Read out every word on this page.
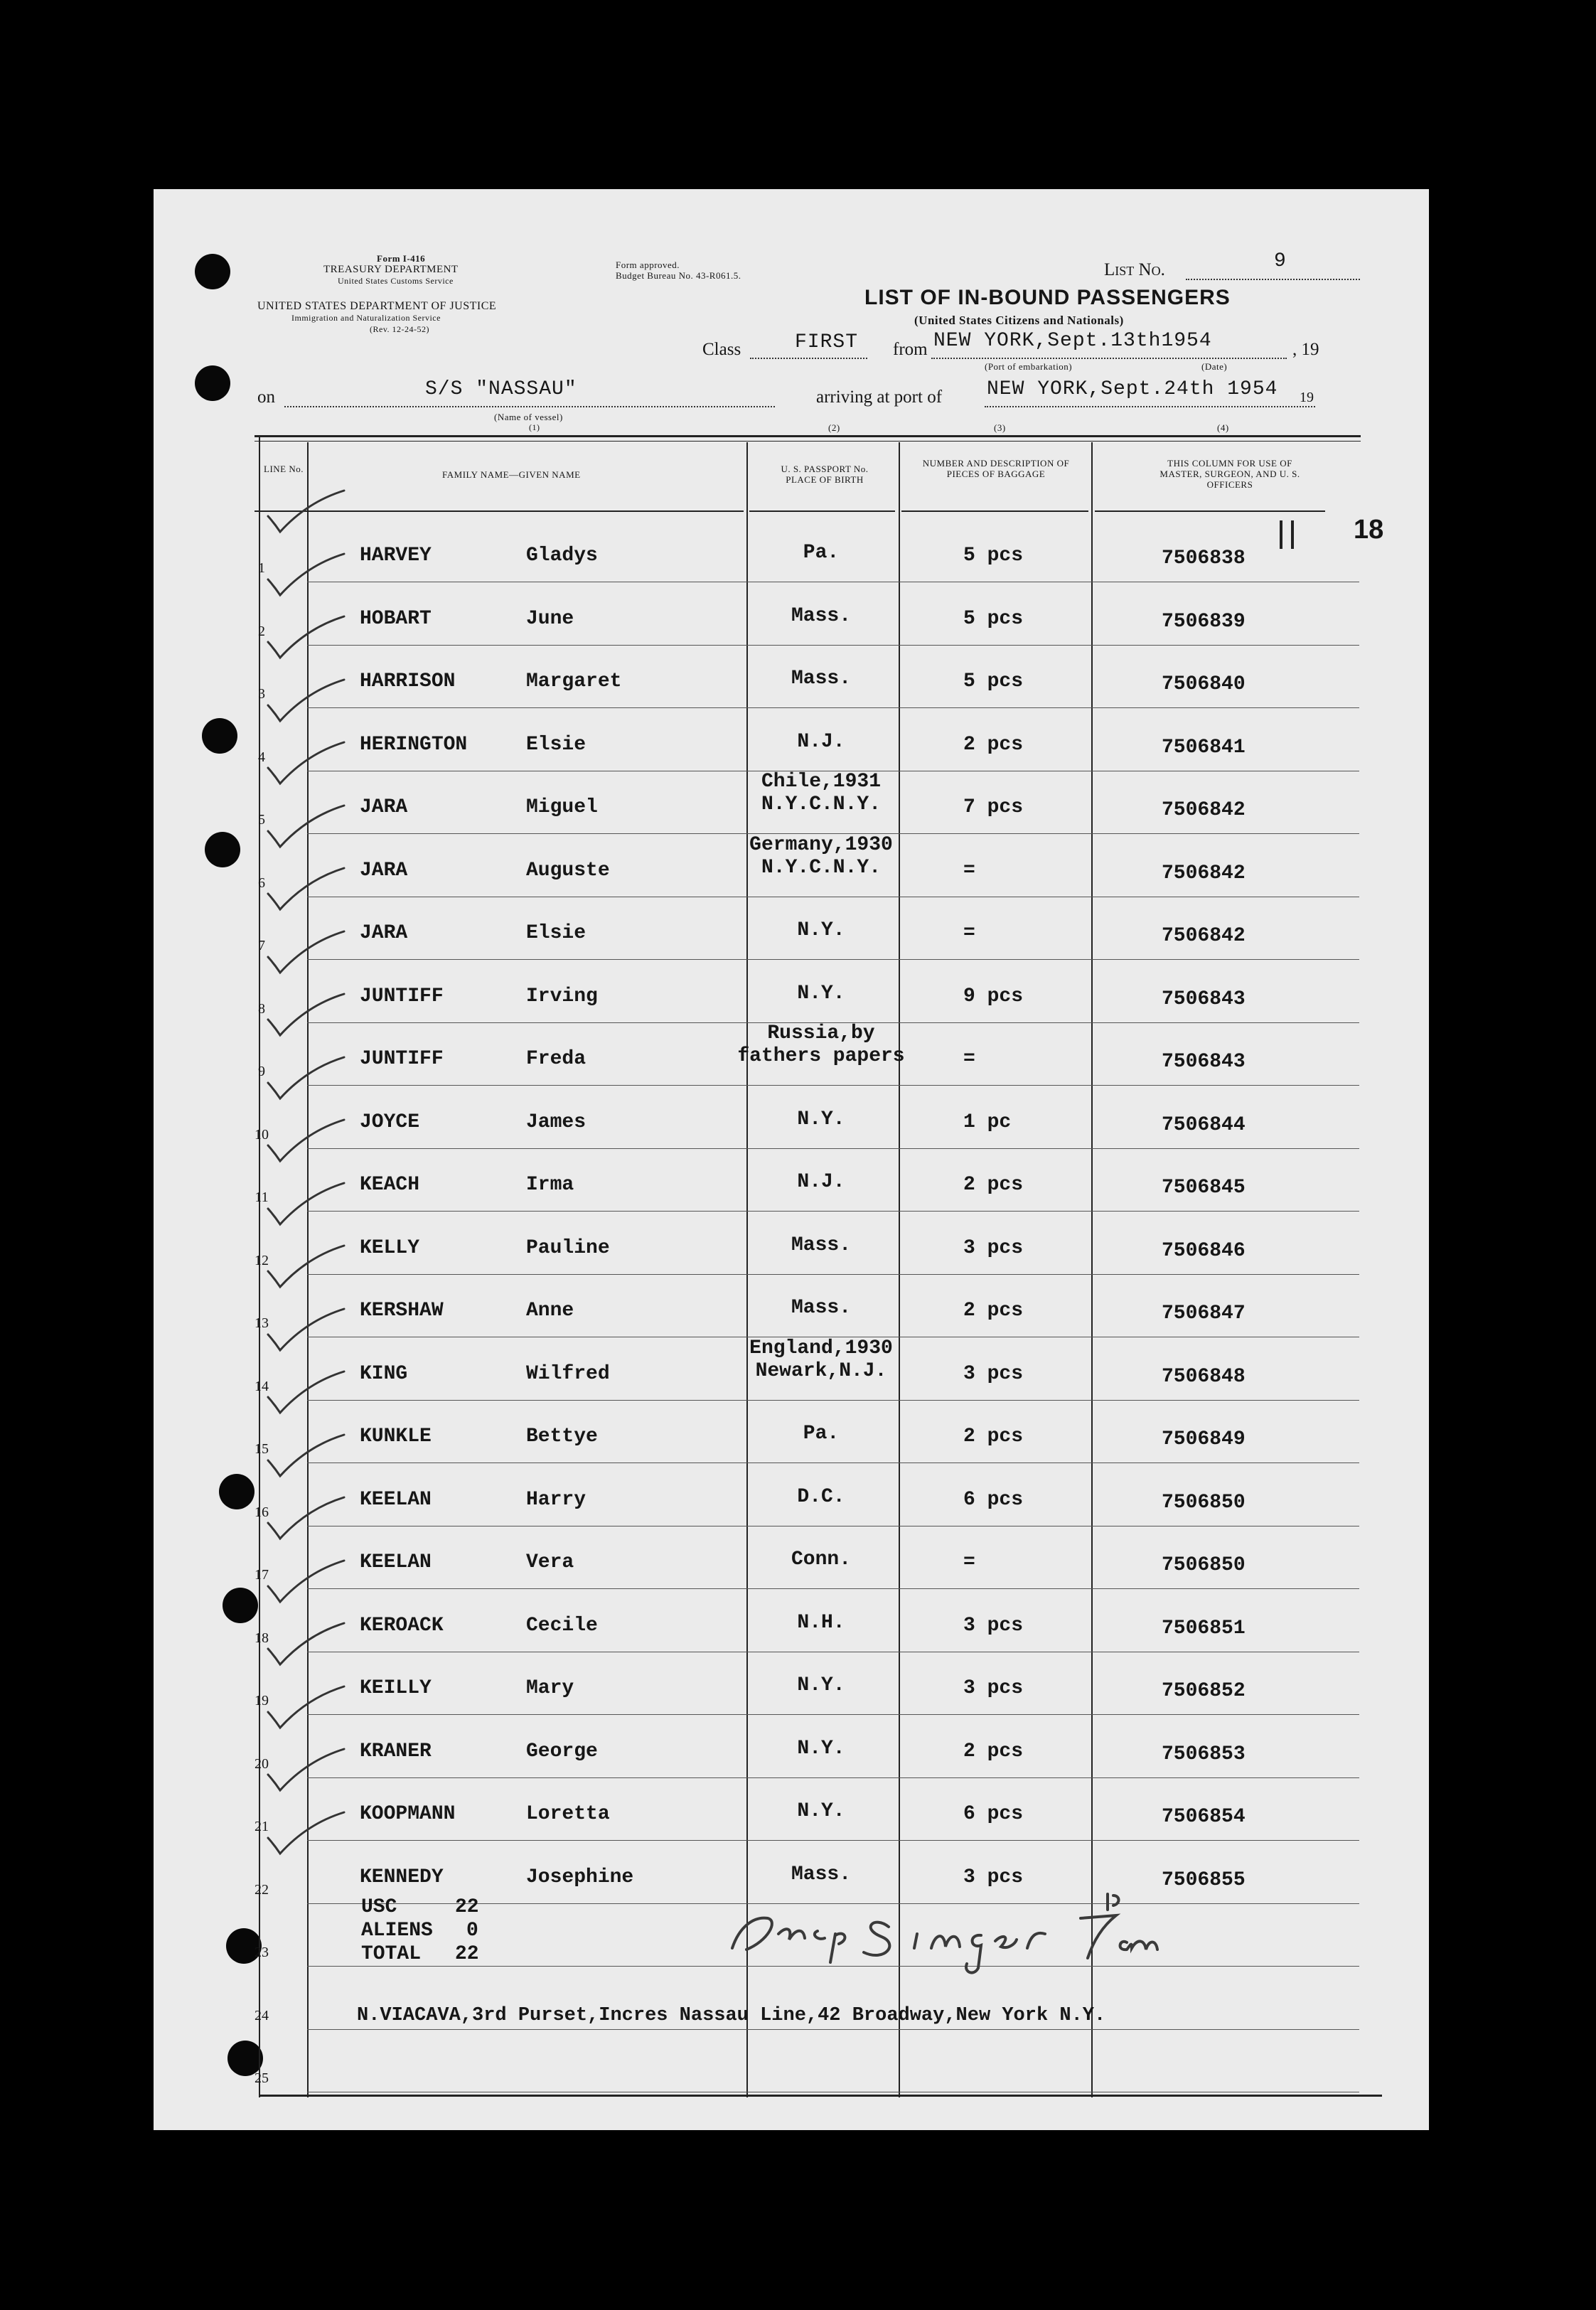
Form I-416
TREASURY DEPARTMENT
United States Customs Service
UNITED STATES DEPARTMENT OF JUSTICE
Immigration and Naturalization Service
(Rev. 12-24-52)
Form approved.
Budget Bureau No. 43-R061.5.
LIST OF IN-BOUND PASSENGERS
(United States Citizens and Nationals)
List No.	9
Class	FIRST from NEW YORK,Sept.13th1954	, 19
(Port of embarkation)	(Date)
on	S/S "NASSAU"
(Name of vessel)
(1)
arriving at port of NEW YORK,Sept.24th 1954 19
(2)	(3)	(4)
LINE No.
FAMILY NAME—GIVEN NAME
U. S. PASSPORT No. PLACE OF BIRTH
NUMBER AND DESCRIPTION OF PIECES OF BAGGAGE
THIS COLUMN FOR USE OF MASTER, SURGEON, AND U. S. OFFICERS
18
1
HARVEY	Gladys	Pa.	5 pcs	7506838
2
HOBART	June	Mass.	5 pcs	7506839
3
HARRISON	Margaret	Mass.	5 pcs	7506840
4
HERINGTON	Elsie	N.J.	2 pcs	7506841
5
JARA	Miguel
Chile,1931
N.Y.C.N.Y.	7 pcs	7506842
6
JARA	Auguste
Germany,1930
N.Y.C.N.Y.	=	7506842
7
JARA	Elsie	N.Y.	=	7506842
8
JUNTIFF	Irving	N.Y.	9 pcs	7506843
9
JUNTIFF	Freda
Russia,by
fathers papers	=	7506843
10
JOYCE	James	N.Y.	1 pc	7506844
11
KEACH	Irma	N.J.	2 pcs	7506845
12
KELLY	Pauline	Mass.	3 pcs	7506846
13
KERSHAW	Anne	Mass.	2 pcs	7506847
14
KING	Wilfred
England,1930
Newark,N.J.	3 pcs	7506848
15
KUNKLE	Bettye	Pa.	2 pcs	7506849
16
KEELAN	Harry	D.C.	6 pcs	7506850
17
KEELAN	Vera	Conn.	=	7506850
18
KEROACK	Cecile	N.H.	3 pcs	7506851
19
KEILLY	Mary	N.Y.	3 pcs	7506852
20
KRANER	George	N.Y.	2 pcs	7506853
21
KOOPMANN	Loretta	N.Y.	6 pcs	7506854
22
KENNEDY	Josephine	Mass.	3 pcs	7506855
23
24
25
USC	22
ALIENS 0
TOTAL 22
N.VIACAVA,3rd Purset,Incres Nassau Line,42 Broadway,New York N.Y.
